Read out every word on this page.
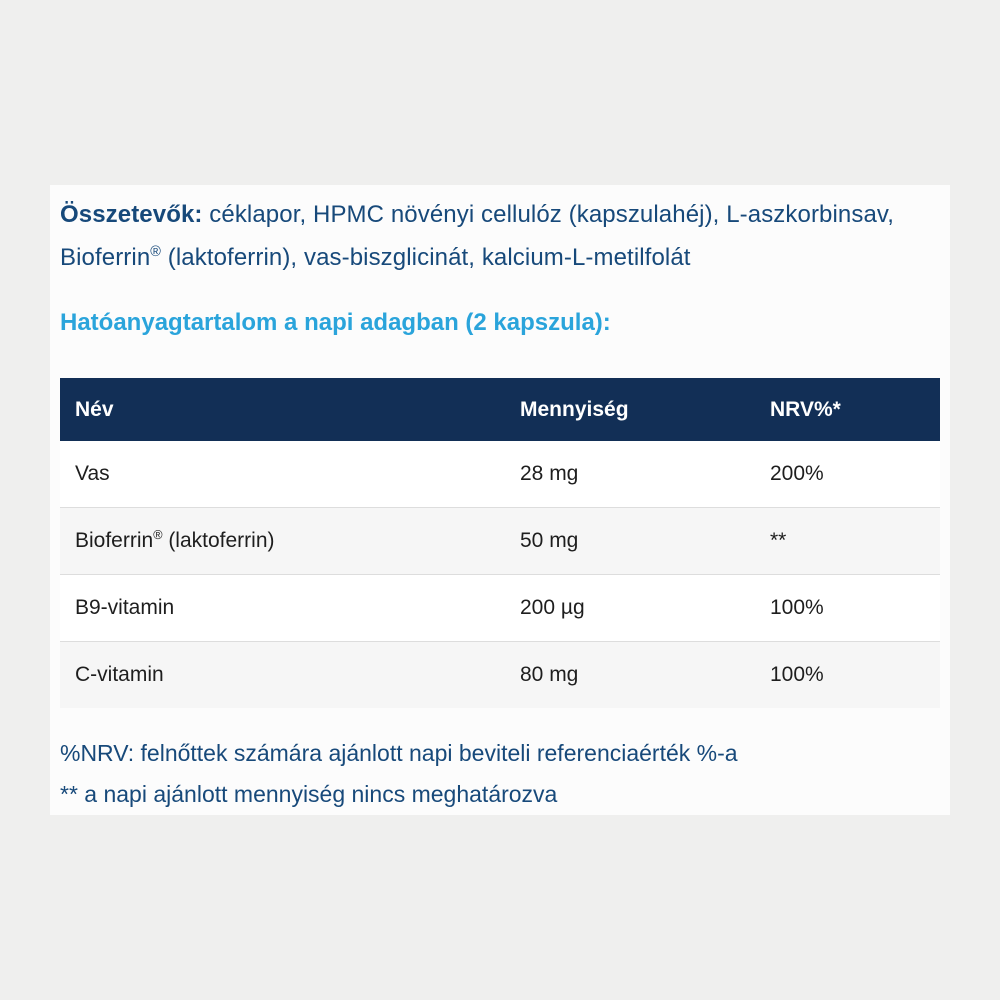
Összetevők: céklapor, HPMC növényi cellulóz (kapszulahéj), L-aszkorbinsav, Bioferrin® (laktoferrin), vas-biszglicinát, kalcium-L-metilfolát

Hatóanyagtartalom a napi adagban (2 kapszula):
Név	Mennyiség	NRV%*
Vas	28 mg	200%
Bioferrin® (laktoferrin)	50 mg	**
B9-vitamin	200 µg	100%
C-vitamin	80 mg	100%

%NRV: felnőttek számára ajánlott napi beviteli referenciaérték %-a

** a napi ajánlott mennyiség nincs meghatározva
